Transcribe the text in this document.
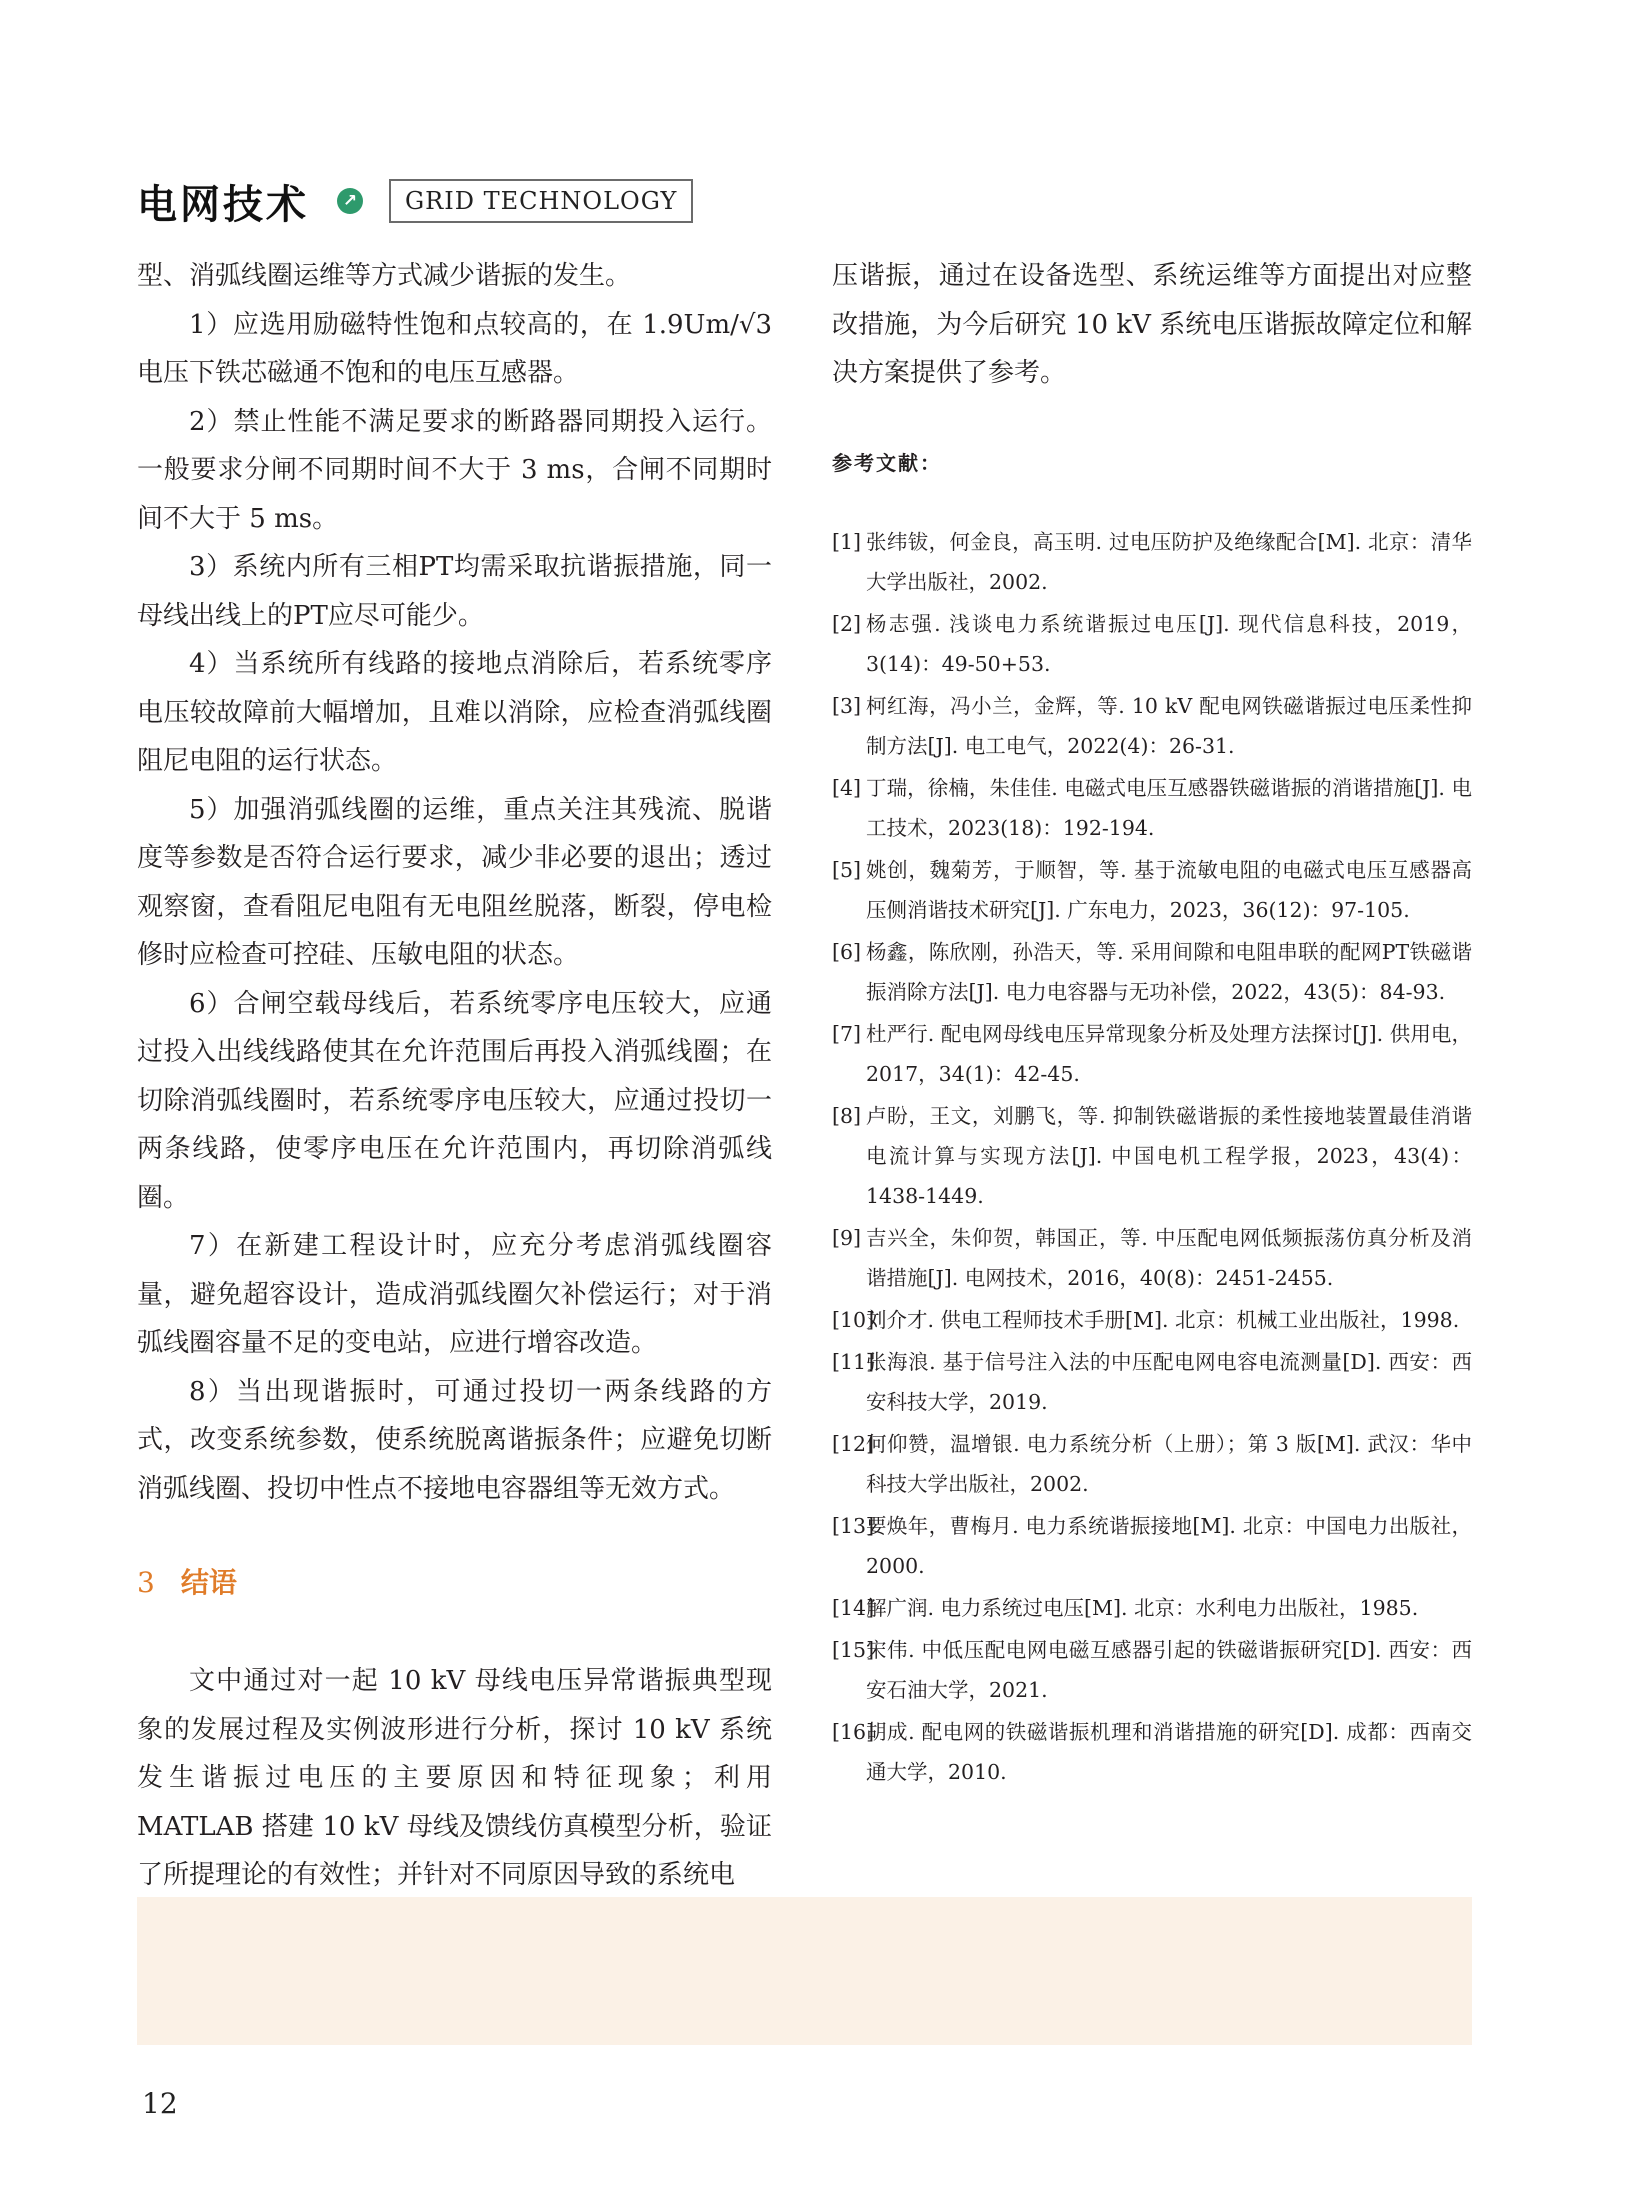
电网技术	↗	GRID TECHNOLOGY

型、消弧线圈运维等方式减少谐振的发生。

1）应选用励磁特性饱和点较高的，在 1.9Um/√3 电压下铁芯磁通不饱和的电压互感器。

2）禁止性能不满足要求的断路器同期投入运行。一般要求分闸不同期时间不大于 3 ms，合闸不同期时间不大于 5 ms。

3）系统内所有三相PT均需采取抗谐振措施，同一母线出线上的PT应尽可能少。

4）当系统所有线路的接地点消除后，若系统零序电压较故障前大幅增加，且难以消除，应检查消弧线圈阻尼电阻的运行状态。

5）加强消弧线圈的运维，重点关注其残流、脱谐度等参数是否符合运行要求，减少非必要的退出；透过观察窗，查看阻尼电阻有无电阻丝脱落，断裂，停电检修时应检查可控硅、压敏电阻的状态。

6）合闸空载母线后，若系统零序电压较大，应通过投入出线线路使其在允许范围后再投入消弧线圈；在切除消弧线圈时，若系统零序电压较大，应通过投切一两条线路，使零序电压在允许范围内，再切除消弧线圈。

7）在新建工程设计时，应充分考虑消弧线圈容量，避免超容设计，造成消弧线圈欠补偿运行；对于消弧线圈容量不足的变电站，应进行增容改造。

8）当出现谐振时，可通过投切一两条线路的方式，改变系统参数，使系统脱离谐振条件；应避免切断消弧线圈、投切中性点不接地电容器组等无效方式。

3 结语

文中通过对一起 10 kV 母线电压异常谐振典型现象的发展过程及实例波形进行分析，探讨 10 kV 系统发生谐振过电压的主要原因和特征现象；利用 MATLAB 搭建 10 kV 母线及馈线仿真模型分析，验证了所提理论的有效性；并针对不同原因导致的系统电

压谐振，通过在设备选型、系统运维等方面提出对应整改措施，为今后研究 10 kV 系统电压谐振故障定位和解决方案提供了参考。

参考文献：
[1] 张纬钹，何金良，高玉明. 过电压防护及绝缘配合[M]. 北京：清华大学出版社，2002.
[2] 杨志强. 浅谈电力系统谐振过电压[J]. 现代信息科技，2019，3(14)：49-50+53.
[3] 柯红海，冯小兰，金辉，等. 10 kV 配电网铁磁谐振过电压柔性抑制方法[J]. 电工电气，2022(4)：26-31.
[4] 丁瑞，徐楠，朱佳佳. 电磁式电压互感器铁磁谐振的消谐措施[J]. 电工技术，2023(18)：192-194.
[5] 姚创，魏菊芳，于顺智，等. 基于流敏电阻的电磁式电压互感器高压侧消谐技术研究[J]. 广东电力，2023，36(12)：97-105.
[6] 杨鑫，陈欣刚，孙浩天，等. 采用间隙和电阻串联的配网PT铁磁谐振消除方法[J]. 电力电容器与无功补偿，2022，43(5)：84-93.
[7] 杜严行. 配电网母线电压异常现象分析及处理方法探讨[J]. 供用电，2017，34(1)：42-45.
[8] 卢盼，王文，刘鹏飞，等. 抑制铁磁谐振的柔性接地装置最佳消谐电流计算与实现方法[J]. 中国电机工程学报，2023，43(4)：1438-1449.
[9] 吉兴全，朱仰贺，韩国正，等. 中压配电网低频振荡仿真分析及消谐措施[J]. 电网技术，2016，40(8)：2451-2455.
[10]
刘介才. 供电工程师技术手册[M]. 北京：机械工业出版社，1998.
[11]
张海浪. 基于信号注入法的中压配电网电容电流测量[D]. 西安：西安科技大学，2019.
[12]
何仰赞，温增银. 电力系统分析（上册）；第 3 版[M]. 武汉：华中科技大学出版社，2002.
[13]
要焕年，曹梅月. 电力系统谐振接地[M]. 北京：中国电力出版社，2000.
[14]
解广润. 电力系统过电压[M]. 北京：水利电力出版社，1985.
[15]
宋伟. 中低压配电网电磁互感器引起的铁磁谐振研究[D]. 西安：西安石油大学，2021.
[16]
胡成. 配电网的铁磁谐振机理和消谐措施的研究[D]. 成都：西南交通大学，2010.
12
